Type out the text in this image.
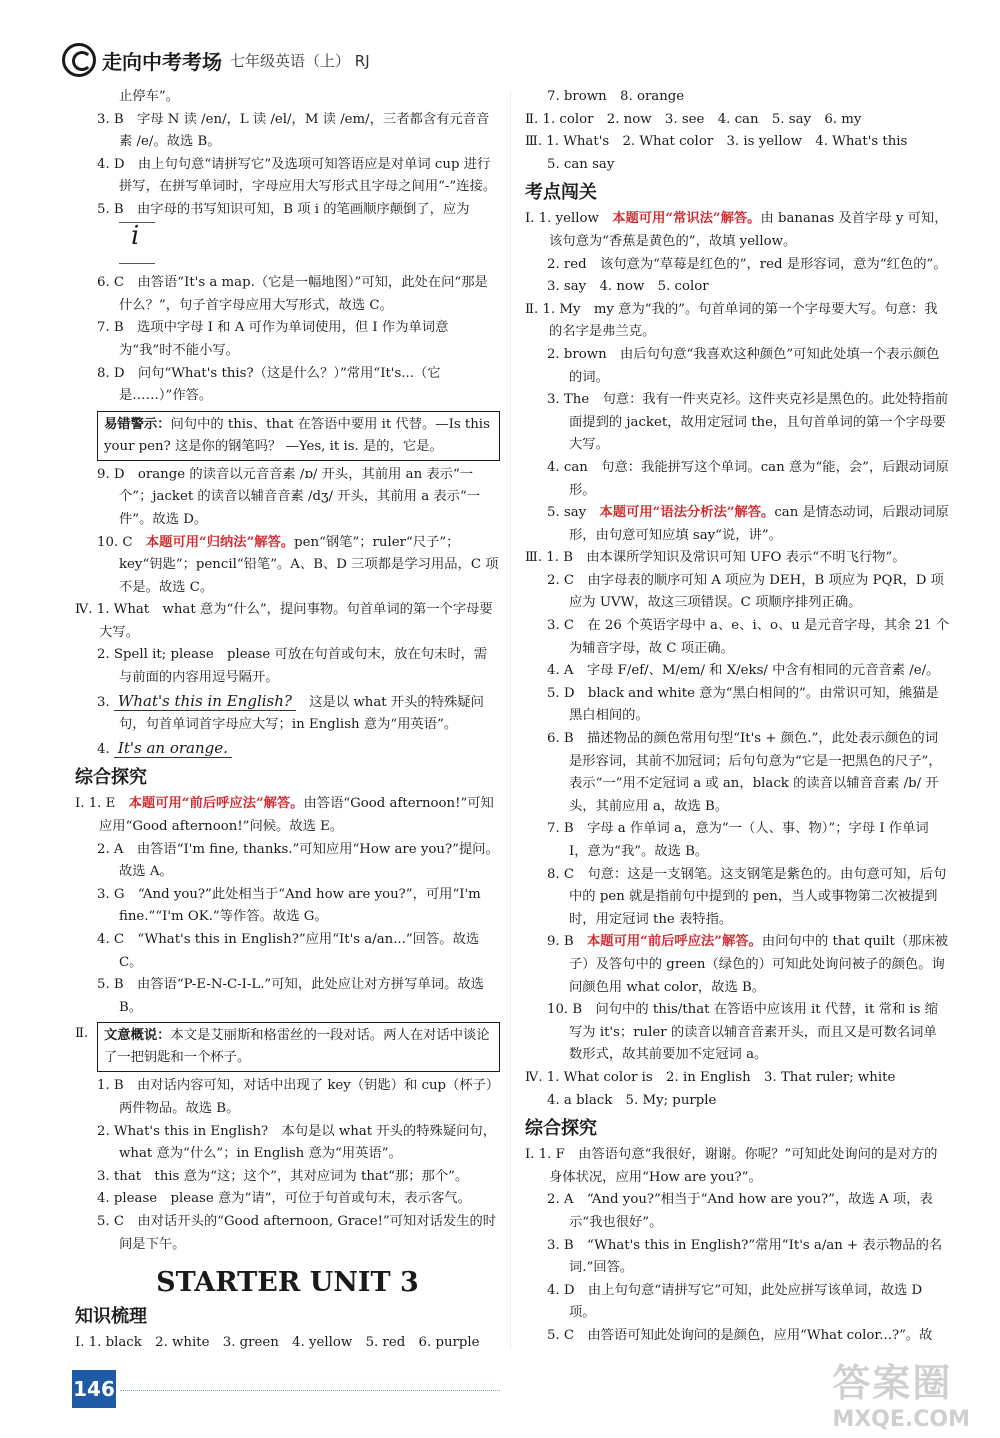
走向中考考场 七年级英语（上） RJ

止停车”。

3. B　字母 N 读 /en/，L 读 /el/，M 读 /em/，三者都含有元音音素 /e/。故选 B。

4. D　由上句句意“请拼写它”及选项可知答语应是对单词 cup 进行拼写，在拼写单词时，字母应用大写形式且字母之间用“-”连接。

5. B　由字母的书写知识可知，B 项 i 的笔画顺序颠倒了，应为

i

6. C　由答语“It's a map.（它是一幅地图）”可知，此处在问“那是什么？”，句子首字母应用大写形式，故选 C。

7. B　选项中字母 I 和 A 可作为单词使用，但 I 作为单词意为“我”时不能小写。

8. D　问句“What's this?（这是什么？）”常用“It's...（它是……）”作答。

易错警示：问句中的 this、that 在答语中要用 it 代替。—Is this your pen? 这是你的钢笔吗？ —Yes, it is. 是的，它是。

9. D　orange 的读音以元音音素 /ɒ/ 开头，其前用 an 表示“一个”；jacket 的读音以辅音音素 /dʒ/ 开头，其前用 a 表示“一件”。故选 D。

10. C　本题可用“归纳法”解答。pen“钢笔”；ruler“尺子”；key“钥匙”；pencil“铅笔”。A、B、D 三项都是学习用品，C 项不是。故选 C。

Ⅳ. 1. What　what 意为“什么”，提问事物。句首单词的第一个字母要大写。

2. Spell it; please　please 可放在句首或句末，放在句末时，需与前面的内容用逗号隔开。

3. What's this in English?　这是以 what 开头的特殊疑问句，句首单词首字母应大写；in English 意为“用英语”。

4. It's an orange.

综合探究

Ⅰ. 1. E　本题可用“前后呼应法”解答。由答语“Good afternoon!”可知应用“Good afternoon!”问候。故选 E。

2. A　由答语“I'm fine, thanks.”可知应用“How are you?”提问。故选 A。

3. G　“And you?”此处相当于“And how are you?”，可用“I'm fine.”“I'm OK.”等作答。故选 G。

4. C　“What's this in English?”应用“It's a/an...”回答。故选 C。

5. B　由答语“P-E-N-C-I-L.”可知，此处应让对方拼写单词。故选 B。

Ⅱ.	文意概说：本文是艾丽斯和格雷丝的一段对话。两人在对话中谈论了一把钥匙和一个杯子。

1. B　由对话内容可知，对话中出现了 key（钥匙）和 cup（杯子）两件物品。故选 B。

2. What's this in English?　本句是以 what 开头的特殊疑问句，what 意为“什么”；in English 意为“用英语”。

3. that　this 意为“这；这个”，其对应词为 that“那；那个”。

4. please　please 意为“请”，可位于句首或句末，表示客气。

5. C　由对话开头的“Good afternoon, Grace!”可知对话发生的时间是下午。

STARTER UNIT 3
知识梳理

Ⅰ. 1. black　2. white　3. green　4. yellow　5. red　6. purple

7. brown　8. orange

Ⅱ. 1. color　2. now　3. see　4. can　5. say　6. my

Ⅲ. 1. What's　2. What color　3. is yellow　4. What's this

5. can say

考点闯关

Ⅰ. 1. yellow　本题可用“常识法”解答。由 bananas 及首字母 y 可知，该句意为“香蕉是黄色的”，故填 yellow。

2. red　该句意为“草莓是红色的”，red 是形容词，意为“红色的”。

3. say　4. now　5. color

Ⅱ. 1. My　my 意为“我的”。句首单词的第一个字母要大写。句意：我的名字是弗兰克。

2. brown　由后句句意“我喜欢这种颜色”可知此处填一个表示颜色的词。

3. The　句意：我有一件夹克衫。这件夹克衫是黑色的。此处特指前面提到的 jacket，故用定冠词 the，且句首单词的第一个字母要大写。

4. can　句意：我能拼写这个单词。can 意为“能，会”，后跟动词原形。

5. say　本题可用“语法分析法”解答。can 是情态动词，后跟动词原形，由句意可知应填 say“说，讲”。

Ⅲ. 1. B　由本课所学知识及常识可知 UFO 表示“不明飞行物”。

2. C　由字母表的顺序可知 A 项应为 DEH，B 项应为 PQR，D 项应为 UVW，故这三项错误。C 项顺序排列正确。

3. C　在 26 个英语字母中 a、e、i、o、u 是元音字母，其余 21 个为辅音字母，故 C 项正确。

4. A　字母 F/ef/、M/em/ 和 X/eks/ 中含有相同的元音音素 /e/。

5. D　black and white 意为“黑白相间的”。由常识可知，熊猫是黑白相间的。

6. B　描述物品的颜色常用句型“It's + 颜色.”，此处表示颜色的词是形容词，其前不加冠词；后句句意为“它是一把黑色的尺子”，表示“一”用不定冠词 a 或 an，black 的读音以辅音音素 /b/ 开头，其前应用 a，故选 B。

7. B　字母 a 作单词 a，意为“一（人、事、物）”；字母 I 作单词 I，意为“我”。故选 B。

8. C　句意：这是一支钢笔。这支钢笔是紫色的。由句意可知，后句中的 pen 就是指前句中提到的 pen，当人或事物第二次被提到时，用定冠词 the 表特指。

9. B　本题可用“前后呼应法”解答。由问句中的 that quilt（那床被子）及答句中的 green（绿色的）可知此处询问被子的颜色。询问颜色用 what color，故选 B。

10. B　问句中的 this/that 在答语中应该用 it 代替，it 常和 is 缩写为 it's；ruler 的读音以辅音音素开头，而且又是可数名词单数形式，故其前要加不定冠词 a。

Ⅳ. 1. What color is　2. in English　3. That ruler; white

4. a black　5. My; purple

综合探究

Ⅰ. 1. F　由答语句意“我很好，谢谢。你呢？”可知此处询问的是对方的身体状况，应用“How are you?”。

2. A　“And you?”相当于“And how are you?”，故选 A 项，表示“我也很好”。

3. B　“What's this in English?”常用“It's a/an + 表示物品的名词.”回答。

4. D　由上句句意“请拼写它”可知，此处应拼写该单词，故选 D 项。

5. C　由答语可知此处询问的是颜色，应用“What color...?”。故

146	答案圈
MXQE.COM
